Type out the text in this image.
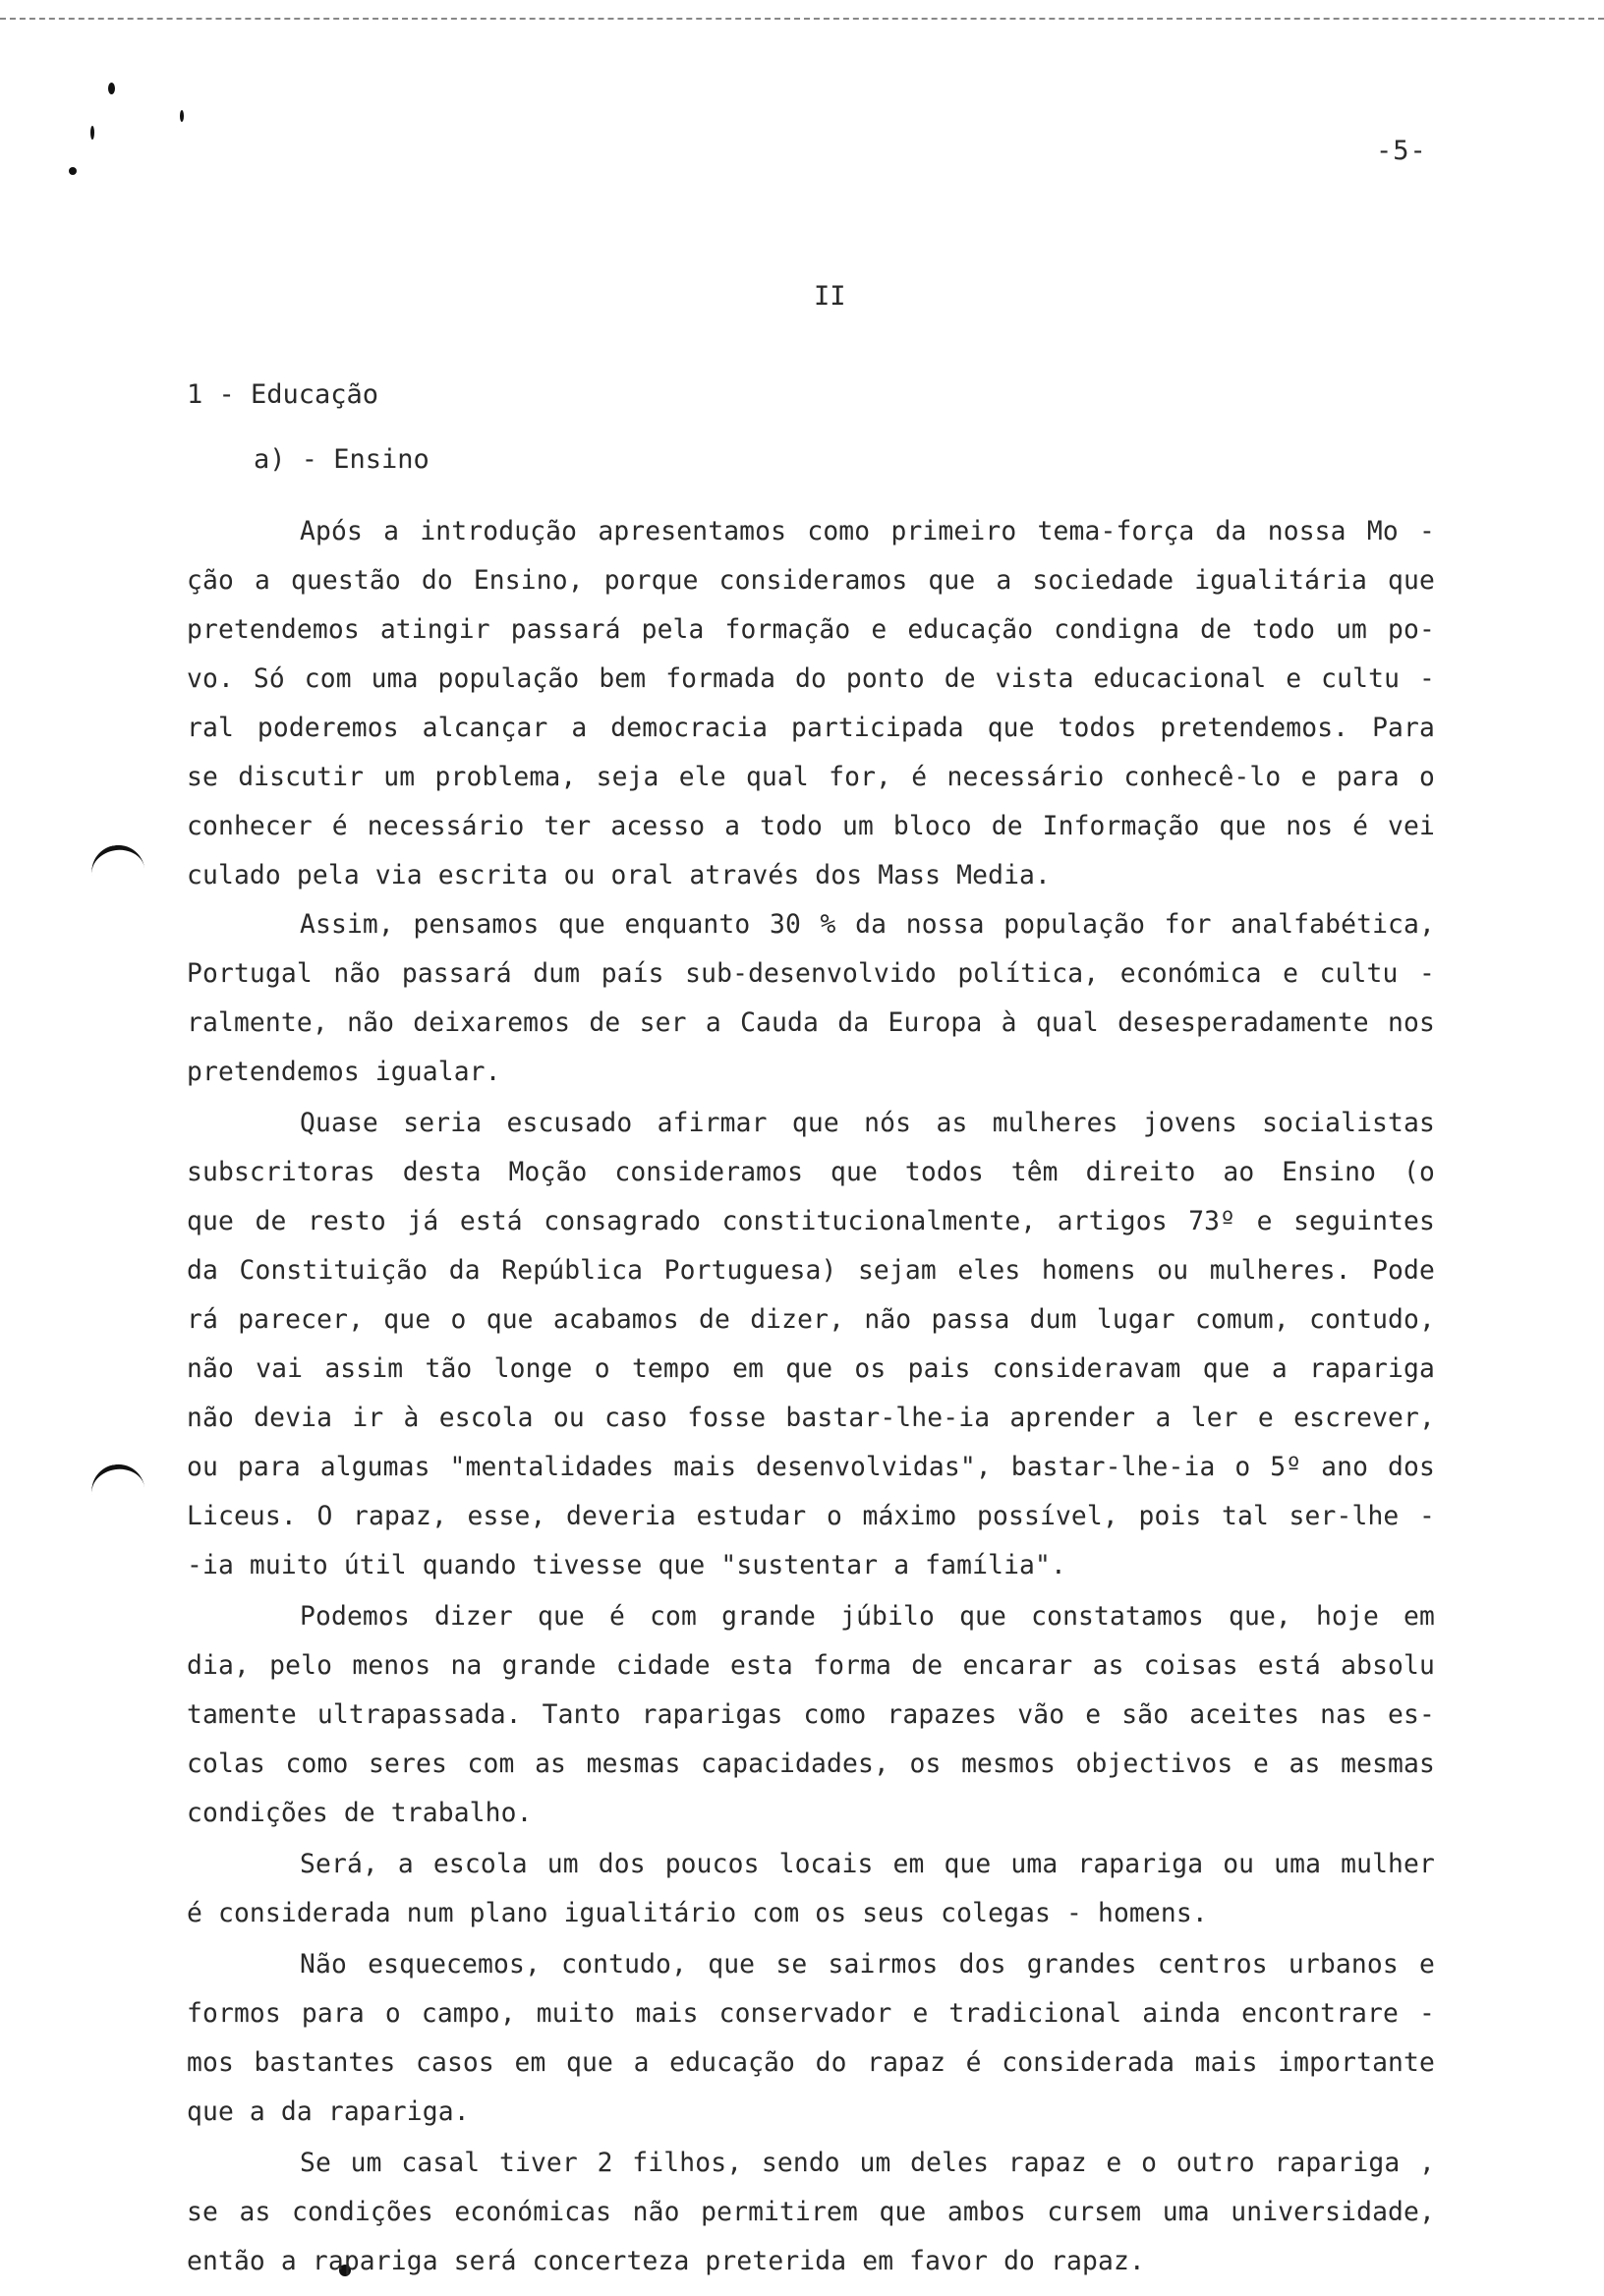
-5-
II
1 - Educação
a) - Ensino
Após a introdução apresentamos como primeiro tema-força da nossa Mo -
ção a questão do Ensino, porque consideramos que a sociedade igualitária que
pretendemos atingir passará pela formação e educação condigna de todo um po-
vo. Só com uma população bem formada do ponto de vista educacional e cultu -
ral poderemos alcançar a democracia participada que todos pretendemos. Para
se discutir um problema, seja ele qual for, é necessário conhecê-lo e para o
conhecer é necessário ter acesso a todo um bloco de Informação que nos é vei
culado pela via escrita ou oral através dos Mass Media.
Assim, pensamos que enquanto 30 % da nossa população for analfabética,
Portugal não passará dum país sub-desenvolvido política, económica e cultu -
ralmente, não deixaremos de ser a Cauda da Europa à qual desesperadamente nos
pretendemos igualar.
Quase seria escusado afirmar que nós as mulheres jovens socialistas
subscritoras desta Moção consideramos que todos têm direito ao Ensino (o
que de resto já está consagrado constitucionalmente, artigos 73º e seguintes
da Constituição da República Portuguesa) sejam eles homens ou mulheres. Pode
rá parecer, que o que acabamos de dizer, não passa dum lugar comum, contudo,
não vai assim tão longe o tempo em que os pais consideravam que a rapariga
não devia ir à escola ou caso fosse bastar-lhe-ia aprender a ler e escrever,
ou para algumas "mentalidades mais desenvolvidas", bastar-lhe-ia o 5º ano dos
Liceus. O rapaz, esse, deveria estudar o máximo possível, pois tal ser-lhe -
-ia muito útil quando tivesse que "sustentar a família".
Podemos dizer que é com grande júbilo que constatamos que, hoje em
dia, pelo menos na grande cidade esta forma de encarar as coisas está absolu
tamente ultrapassada. Tanto raparigas como rapazes vão e são aceites nas es-
colas como seres com as mesmas capacidades, os mesmos objectivos e as mesmas
condições de trabalho.
Será, a escola um dos poucos locais em que uma rapariga ou uma mulher
é considerada num plano igualitário com os seus colegas - homens.
Não esquecemos, contudo, que se sairmos dos grandes centros urbanos e
formos para o campo, muito mais conservador e tradicional ainda encontrare -
mos bastantes casos em que a educação do rapaz é considerada mais importante
que a da rapariga.
Se um casal tiver 2 filhos, sendo um deles rapaz e o outro rapariga ,
se as condições económicas não permitirem que ambos cursem uma universidade,
então a rapariga será concerteza preterida em favor do rapaz.
